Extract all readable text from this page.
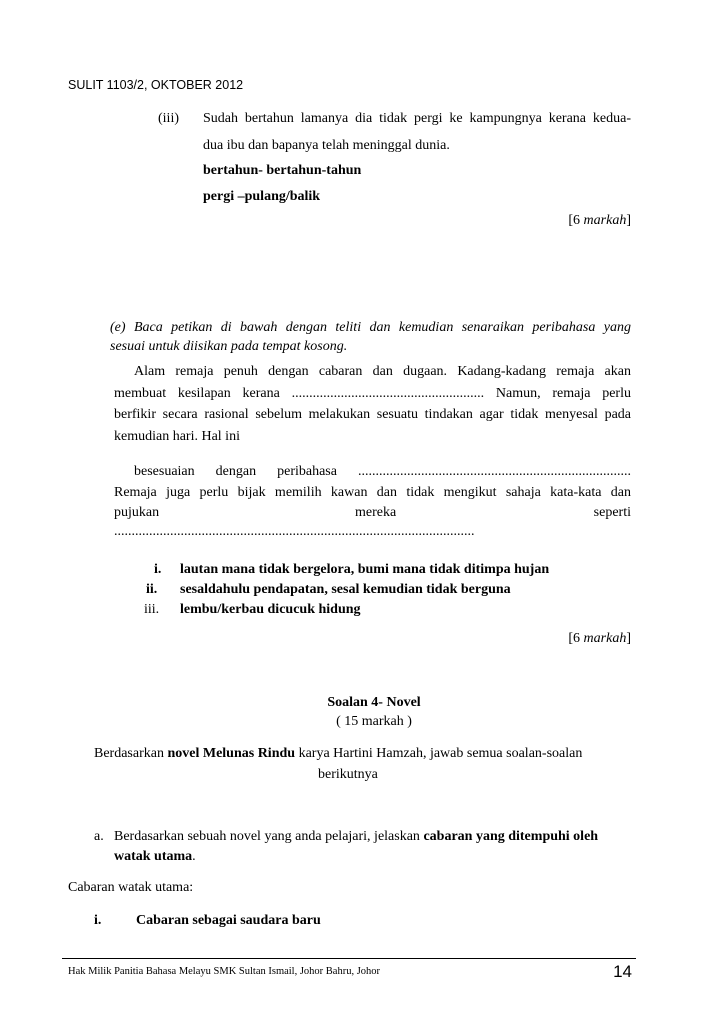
SULIT 1103/2, OKTOBER 2012
(iii) Sudah bertahun lamanya dia tidak pergi ke kampungnya kerana kedua-
dua ibu dan bapanya telah meninggal dunia.
bertahun- bertahun-tahun
pergi –pulang/balik
[6 markah]
(e) Baca petikan di bawah dengan teliti dan kemudian senaraikan peribahasa yang
sesuai untuk diisikan pada tempat kosong.
Alam remaja penuh dengan cabaran dan dugaan. Kadang-kadang remaja akan
membuat kesilapan kerana ....................................................... Namun, remaja perlu
berfikir secara rasional sebelum melakukan sesuatu tindakan agar tidak menyesal pada
kemudian hari. Hal ini
besesuaian dengan peribahasa ..............................................................................
Remaja juga perlu bijak memilih kawan dan tidak mengikut sahaja kata-kata dan
pujukan	mereka	seperti
.......................................................................................................
i. lautan mana tidak bergelora, bumi mana tidak ditimpa hujan
ii. sesaldahulu pendapatan, sesal kemudian tidak berguna
iii. lembu/kerbau dicucuk hidung
[6 markah]
Soalan 4- Novel
( 15 markah )
Berdasarkan novel Melunas Rindu karya Hartini Hamzah, jawab semua soalan-soalan
berikutnya
a. Berdasarkan sebuah novel yang anda pelajari, jelaskan cabaran yang ditempuhi oleh
watak utama.
Cabaran watak utama:
i. Cabaran sebagai saudara baru
Hak Milik Panitia Bahasa Melayu SMK Sultan Ismail, Johor Bahru, Johor	14
